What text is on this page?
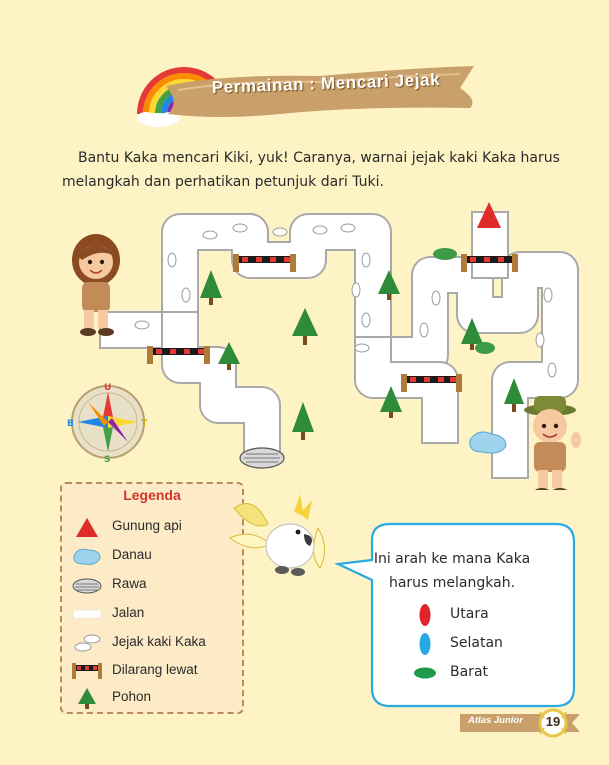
Permainan : Mencari Jejak
Bantu Kaka mencari Kiki, yuk! Caranya, warnai jejak kaki Kaka harus melangkah dan perhatikan petunjuk dari Tuki.
U
S
B	T
Legenda
Gunung api
Danau
Rawa
Jalan
Jejak kaki Kaka
Dilarang lewat
Pohon
Ini arah ke mana Kaka harus melangkah.
Utara
Selatan
Barat
Atlas Junior	19
